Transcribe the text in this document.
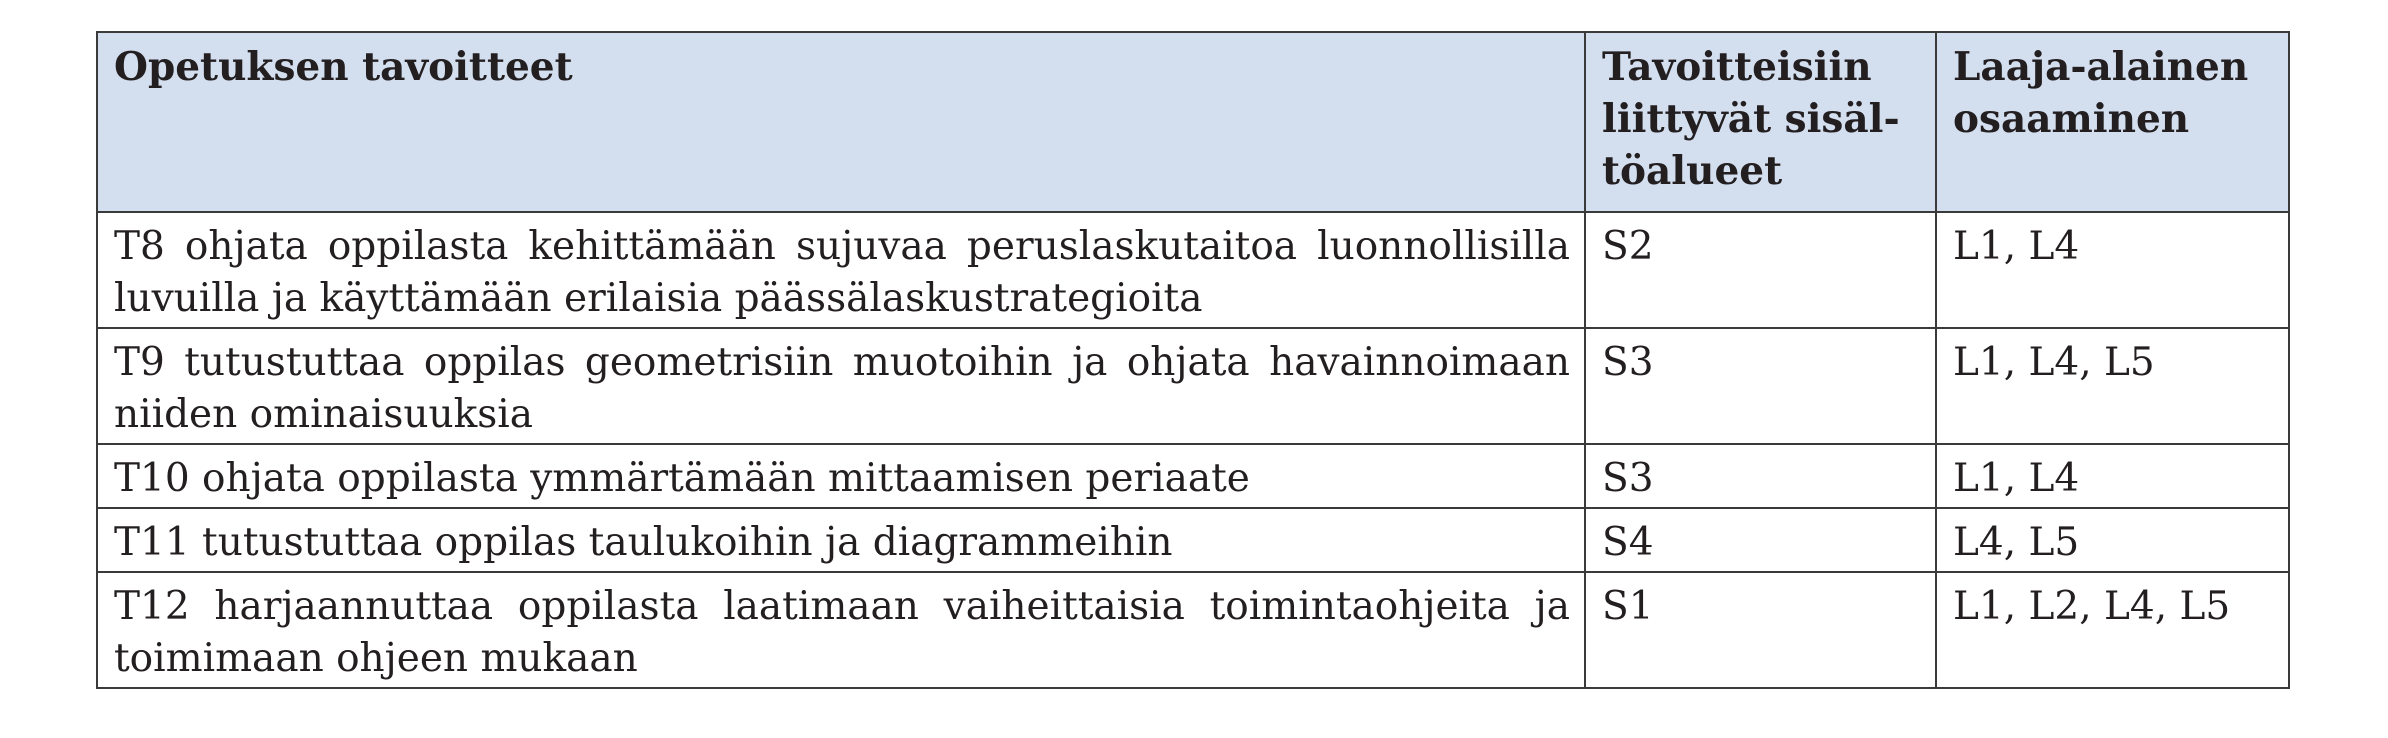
Opetuksen tavoitteet	Tavoitteisiin liittyvät sisältöalueet	Laaja-alainen osaaminen
T8 ohjata oppilasta kehittämään sujuvaa peruslaskutaitoa luonnollisilla luvuilla ja käyttämään erilaisia päässälaskustrategioita	S2	L1, L4
T9 tutustuttaa oppilas geometrisiin muotoihin ja ohjata havainnoimaan niiden ominaisuuksia	S3	L1, L4, L5
T10 ohjata oppilasta ymmärtämään mittaamisen periaate	S3	L1, L4
T11 tutustuttaa oppilas taulukoihin ja diagrammeihin	S4	L4, L5
T12 harjaannuttaa oppilasta laatimaan vaiheittaisia toimintaohjeita ja toimimaan ohjeen mukaan	S1	L1, L2, L4, L5
